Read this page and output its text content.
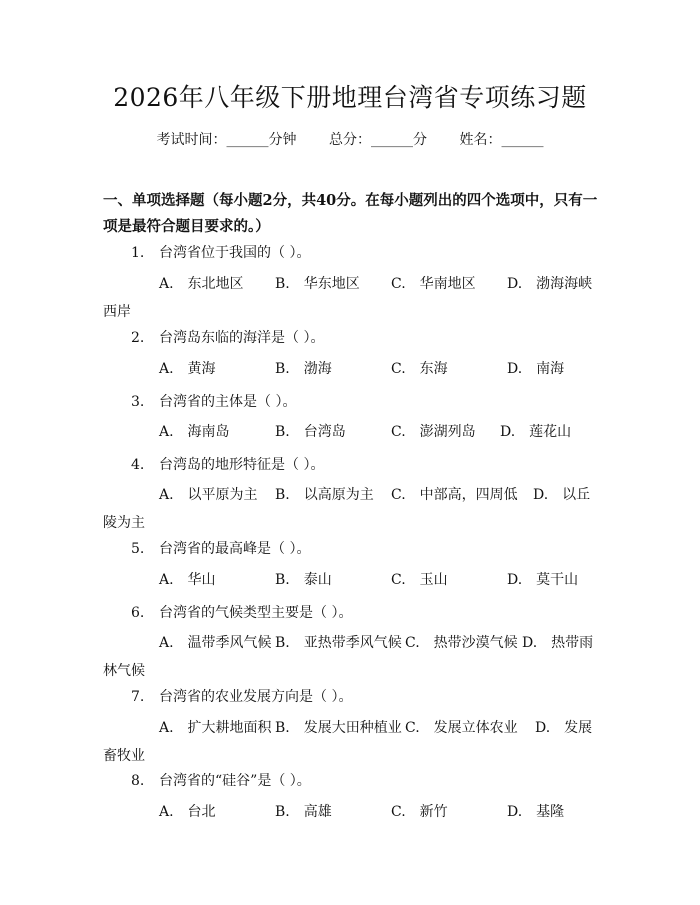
2026年八年级下册地理台湾省专项练习题
考试时间：______分钟 总分：______分 姓名：______
一、单项选择题（每小题2分，共40分。在每小题列出的四个选项中，只有一项是最符合题目要求的。）
1. 台湾省位于我国的（ ）。
A.　东北地区 B.　华东地区 C.　华南地区 D.　渤海海峡
西岸
2. 台湾岛东临的海洋是（ ）。
A.　黄海	B.　渤海	C.　东海	D.　南海
3. 台湾省的主体是（ ）。
A.　海南岛	B.　台湾岛	C.　澎湖列岛 D.　莲花山
4. 台湾岛的地形特征是（ ）。
A.　以平原为主 B.　以高原为主 C.　中部高，四周低 D.　以丘
陵为主
5. 台湾省的最高峰是（ ）。
A.　华山	B.　泰山	C.　玉山	D.　莫干山
6. 台湾省的气候类型主要是（ ）。
A.　温带季风气候 B.　亚热带季风气候 C.　热带沙漠气候 D.　热带雨
林气候
7. 台湾省的农业发展方向是（ ）。
A.　扩大耕地面积 B.　发展大田种植业 C.　发展立体农业 D.　发展
畜牧业
8. 台湾省的“硅谷”是（ ）。
A.　台北	B.　高雄	C.　新竹	D.　基隆
